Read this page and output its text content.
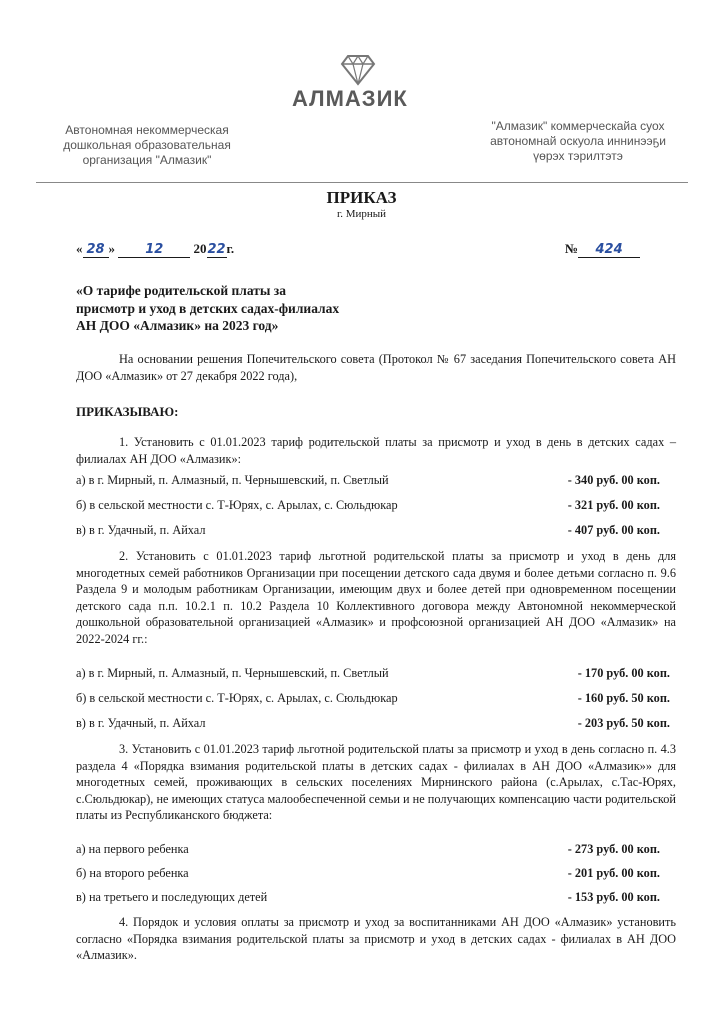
АЛМАЗИК
Автономная некоммерческая
дошкольная образовательная
организация "Алмазик"
"Алмазик" коммерческайа суох
автономнай оскуола иннинээҕи
үөрэх тэрилтэтэ
ПРИКАЗ
г. Мирный
« 28 » 12 2022г.	№ 424
«О тарифе родительской платы за
присмотр и уход в детских садах-филиалах
АН ДОО «Алмазик» на 2023 год»
На основании решения Попечительского совета (Протокол № 67 заседания Попечительского совета АН ДОО «Алмазик» от 27 декабря 2022 года),
ПРИКАЗЫВАЮ:
1. Установить с 01.01.2023 тариф родительской платы за присмотр и уход в день в детских садах – филиалах АН ДОО «Алмазик»:
а) в г. Мирный, п. Алмазный, п. Чернышевский, п. Светлый	- 340 руб. 00 коп.
б) в сельской местности с. Т-Юрях, с. Арылах, с. Сюльдюкар	- 321 руб. 00 коп.
в) в г. Удачный, п. Айхал	- 407 руб. 00 коп.
2. Установить с 01.01.2023 тариф льготной родительской платы за присмотр и уход в день для многодетных семей работников Организации при посещении детского сада двумя и более детьми согласно п. 9.6 Раздела 9 и молодым работникам Организации, имеющим двух и более детей при одновременном посещении детского сада п.п. 10.2.1 п. 10.2 Раздела 10 Коллективного договора между Автономной некоммерческой дошкольной образовательной организацией «Алмазик» и профсоюзной организацией АН ДОО «Алмазик» на 2022-2024 гг.:
а) в г. Мирный, п. Алмазный, п. Чернышевский, п. Светлый	- 170 руб. 00 коп.
б) в сельской местности с. Т-Юрях, с. Арылах, с. Сюльдюкар	- 160 руб. 50 коп.
в) в г. Удачный, п. Айхал	- 203 руб. 50 коп.
3. Установить с 01.01.2023 тариф льготной родительской платы за присмотр и уход в день согласно п. 4.3 раздела 4 «Порядка взимания родительской платы в детских садах - филиалах в АН ДОО «Алмазик»» для многодетных семей, проживающих в сельских поселениях Мирнинского района (с.Арылах, с.Тас-Юрях, с.Сюльдюкар), не имеющих статуса малообеспеченной семьи и не получающих компенсацию части родительской платы из Республиканского бюджета:
а) на первого ребенка	- 273 руб. 00 коп.
б) на второго ребенка	- 201 руб. 00 коп.
в) на третьего и последующих детей	- 153 руб. 00 коп.
4. Порядок и условия оплаты за присмотр и уход за воспитанниками АН ДОО «Алмазик» установить согласно «Порядка взимания родительской платы за присмотр и уход в детских садах - филиалах в АН ДОО «Алмазик».
